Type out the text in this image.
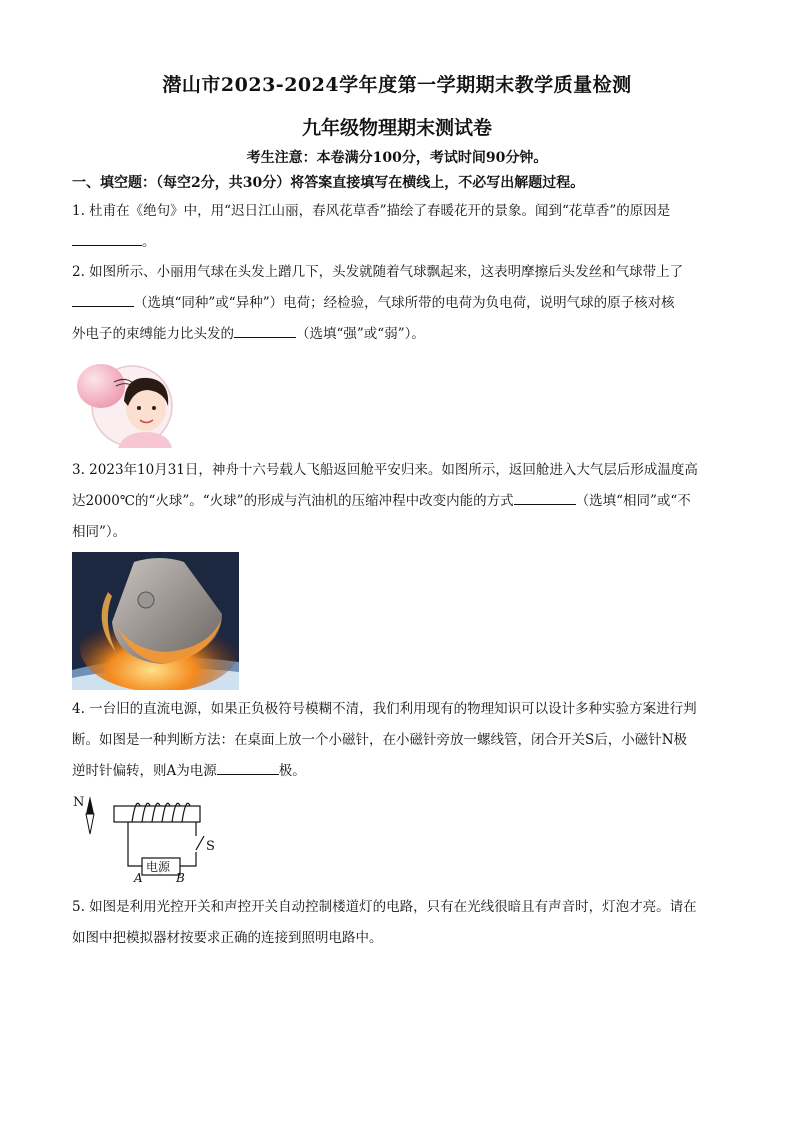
潜山市2023-2024学年度第一学期期末教学质量检测
九年级物理期末测试卷
考生注意：本卷满分100分，考试时间90分钟。
一、填空题：（每空2分，共30分）将答案直接填写在横线上，不必写出解题过程。
1. 杜甫在《绝句》中，用“迟日江山丽，春风花草香”描绘了春暖花开的景象。闻到“花草香”的原因是
。
2. 如图所示、小丽用气球在头发上蹭几下，头发就随着气球飘起来，这表明摩擦后头发丝和气球带上了
（选填“同种”或“异种”）电荷；经检验，气球所带的电荷为负电荷，说明气球的原子核对核
外电子的束缚能力比头发的	（选填“强”或“弱”）。
3. 2023年10月31日，神舟十六号载人飞船返回舱平安归来。如图所示，返回舱进入大气层后形成温度高
达2000℃的“火球”。“火球”的形成与汽油机的压缩冲程中改变内能的方式	（选填“相同”或“不
相同”）。
4. 一台旧的直流电源，如果正负极符号模糊不清，我们利用现有的物理知识可以设计多种实验方案进行判
断。如图是一种判断方法：在桌面上放一个小磁针，在小磁针旁放一螺线管，闭合开关S后，小磁针N极
逆时针偏转，则A为电源	极。
N
S
电源
A	B
5. 如图是利用光控开关和声控开关自动控制楼道灯的电路，只有在光线很暗且有声音时，灯泡才亮。请在
如图中把模拟器材按要求正确的连接到照明电路中。
